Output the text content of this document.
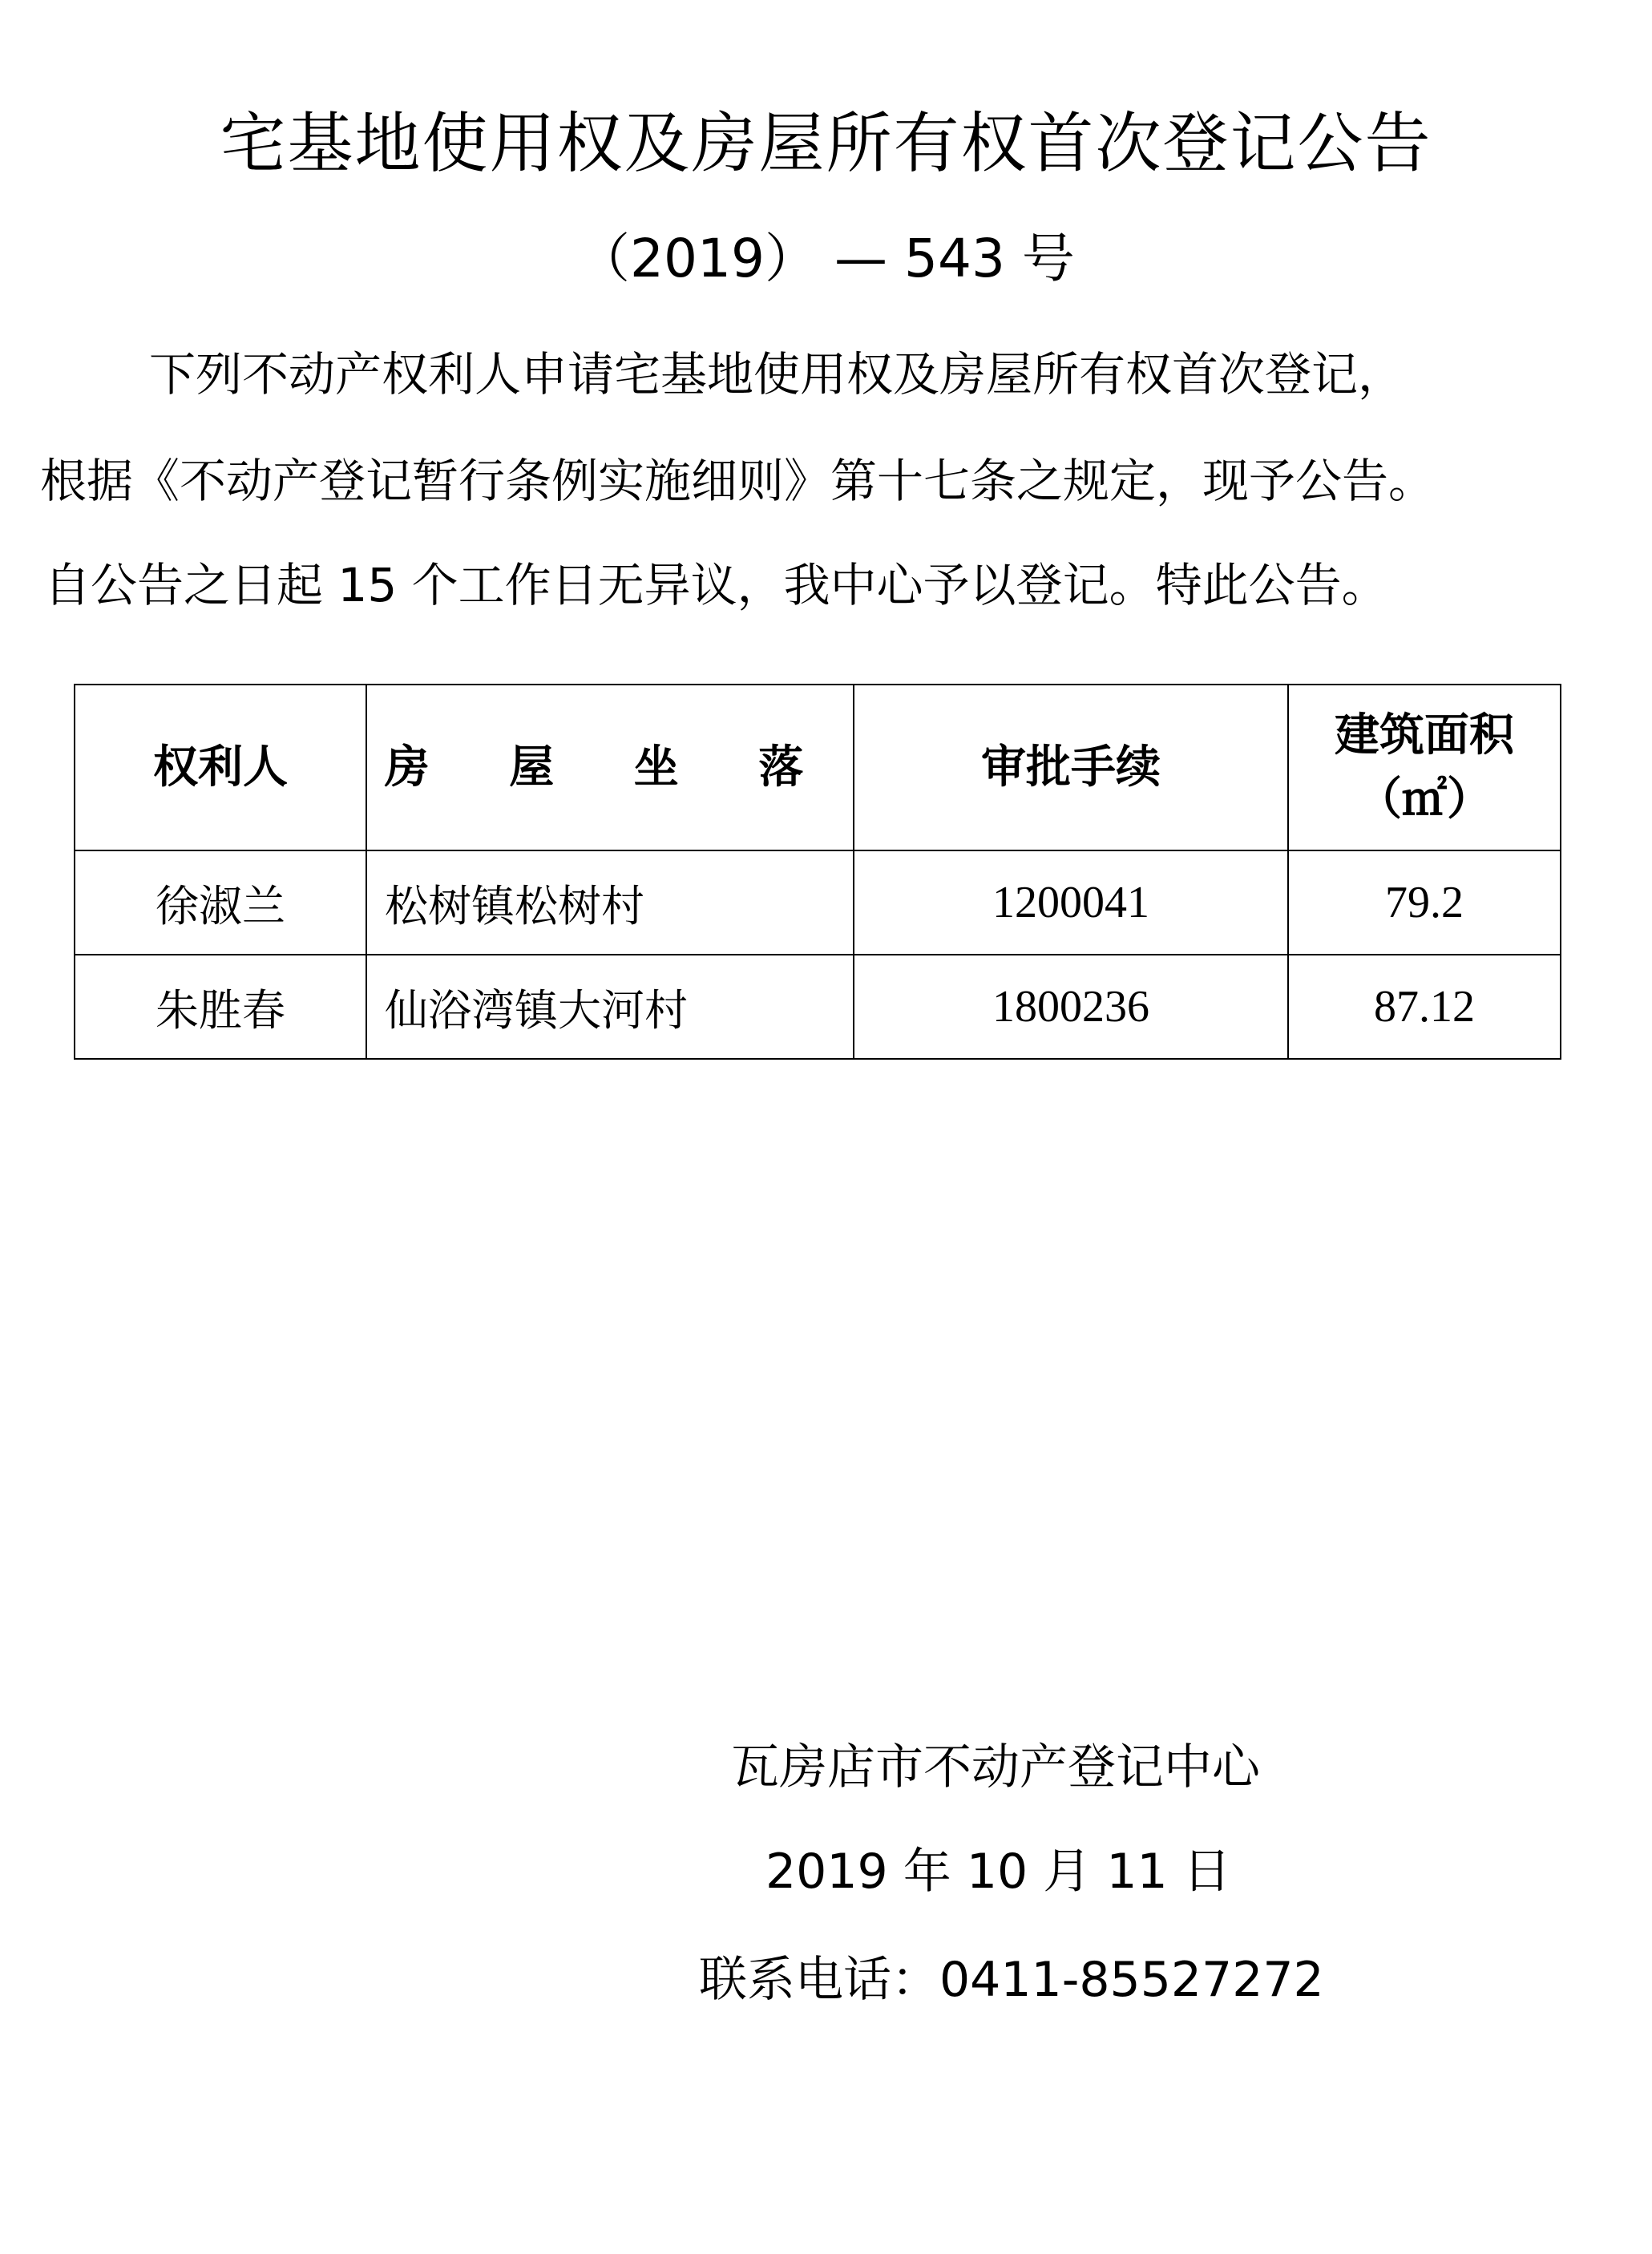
宅基地使用权及房屋所有权首次登记公告
（2019） — 543 号

下列不动产权利人申请宅基地使用权及房屋所有权首次登记，

根据《不动产登记暂行条例实施细则》第十七条之规定，现予公告。

自公告之日起 15 个工作日无异议，我中心予以登记。特此公告。

权利人	房 屋 坐 落	审批手续	建筑面积
（㎡）

徐淑兰	松树镇松树村	1200041	79.2
朱胜春	仙浴湾镇大河村	1800236	87.12
瓦房店市不动产登记中心
2019 年 10 月 11 日
联系电话：0411-85527272
